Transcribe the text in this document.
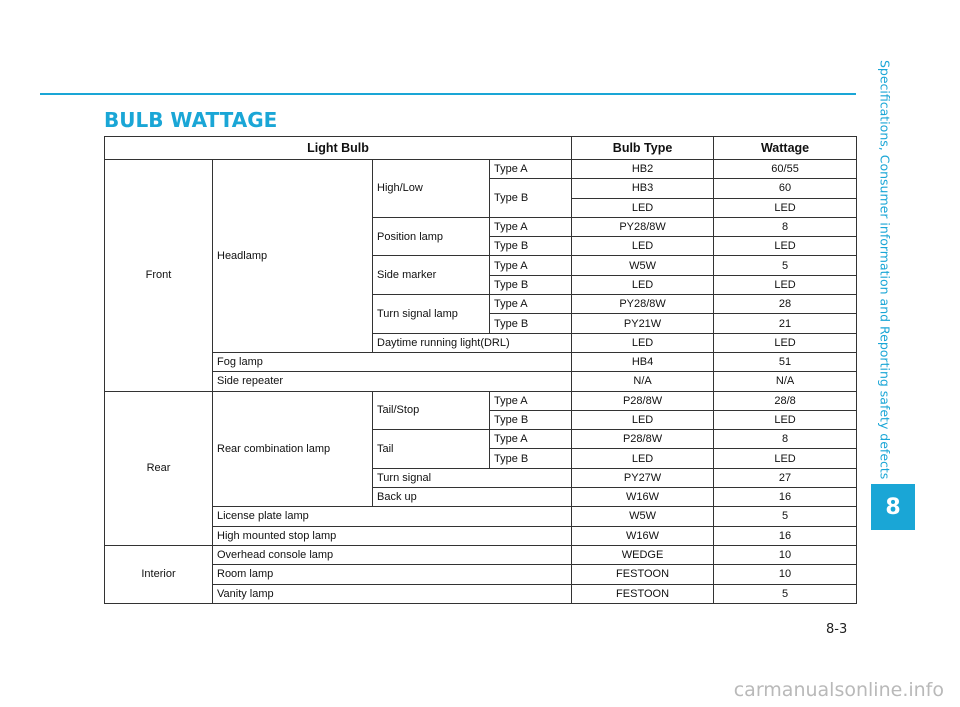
BULB WATTAGE	Specifications, Consumer information and Reporting safety defects
8
Light Bulb				Bulb Type	Wattage
Front	Headlamp	High/Low	Type A	HB2	60/55
			Type B	HB3	60
				LED	LED
		Position lamp	Type A	PY28/8W	8
			Type B	LED	LED
		Side marker	Type A	W5W	5
			Type B	LED	LED
		Turn signal lamp	Type A	PY28/8W	28
			Type B	PY21W	21
		Daytime running light(DRL)		LED	LED
	Fog lamp			HB4	51
	Side repeater			N/A	N/A
Rear	Rear combination lamp	Tail/Stop	Type A	P28/8W	28/8
			Type B	LED	LED
		Tail	Type A	P28/8W	8
			Type B	LED	LED
		Turn signal		PY27W	27
		Back up		W16W	16
	License plate lamp			W5W	5
	High mounted stop lamp			W16W	16
Interior	Overhead console lamp			WEDGE	10
	Room lamp			FESTOON	10
	Vanity lamp			FESTOON	5
8-3
carmanualsonline.info
